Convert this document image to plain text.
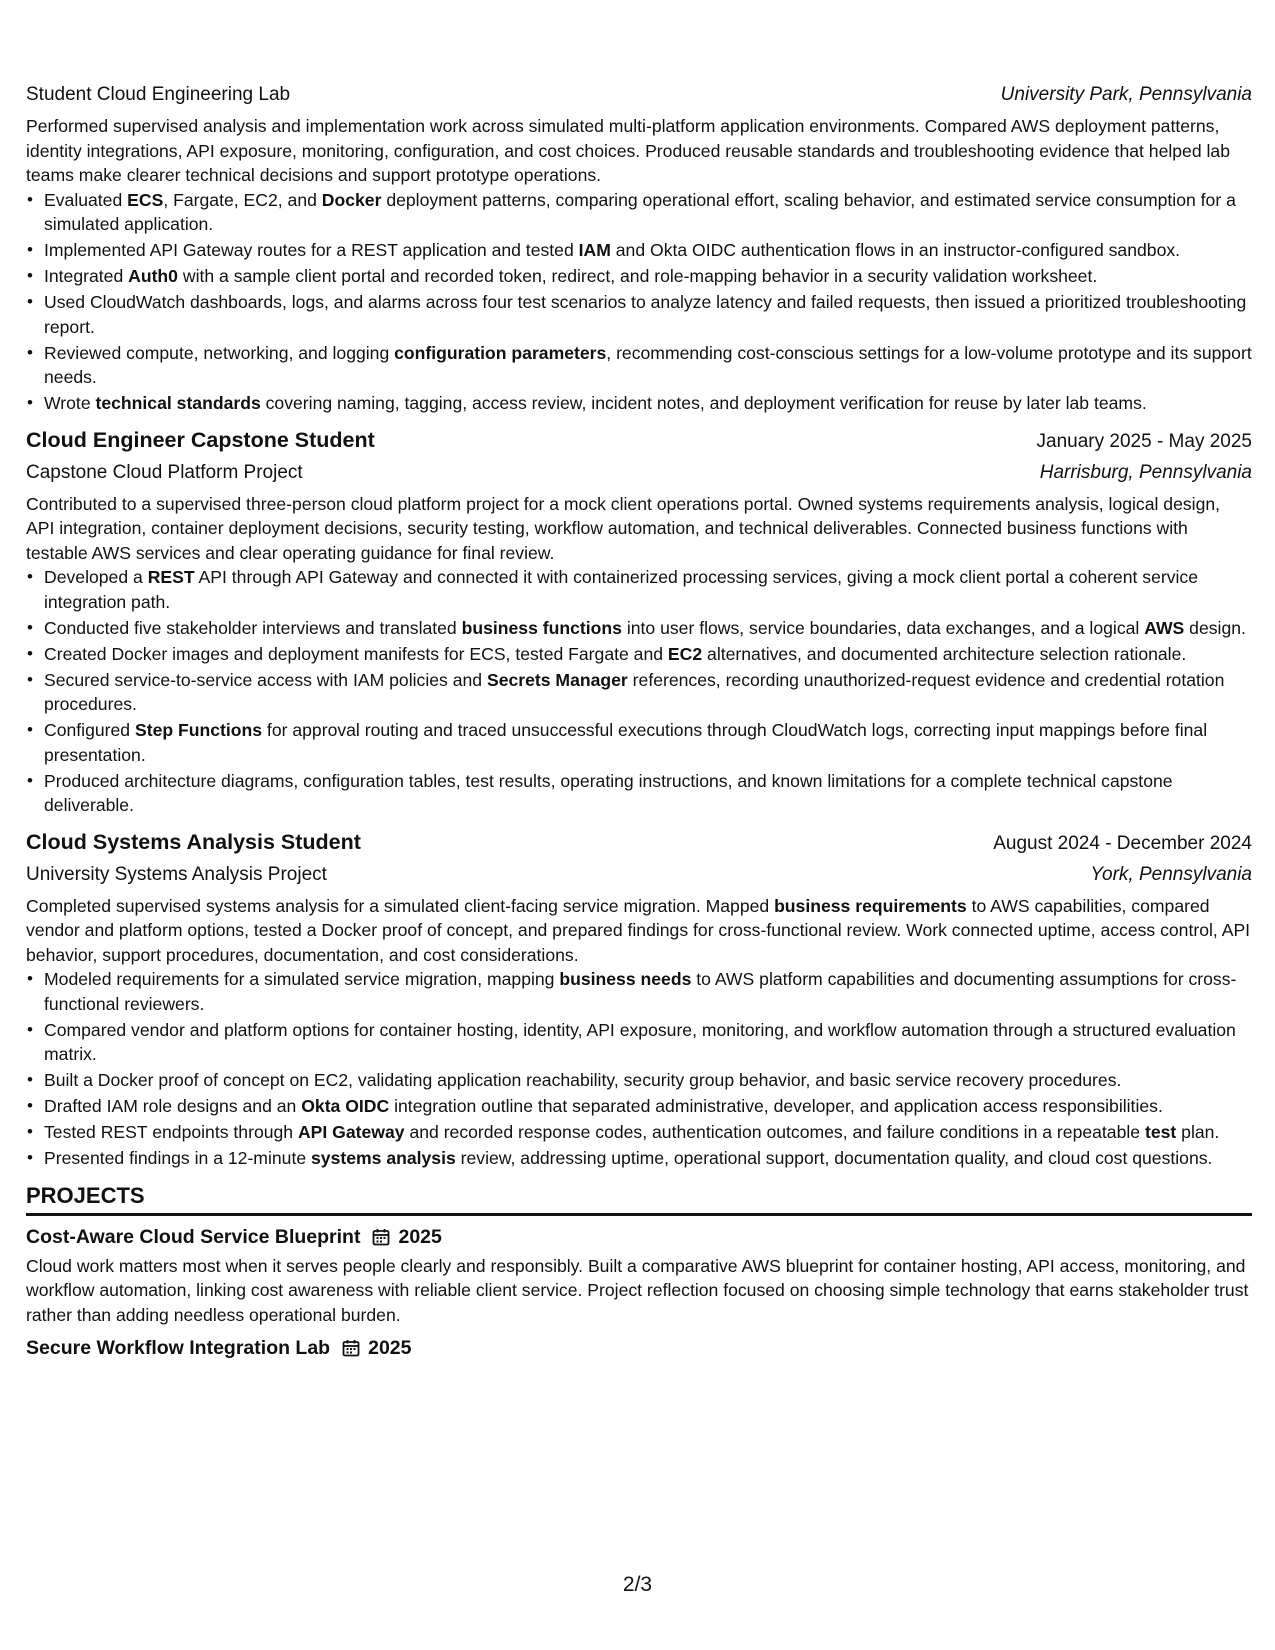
Student Cloud Engineering Lab	University Park, Pennsylvania

Performed supervised analysis and implementation work across simulated multi-platform application environments. Compared AWS deployment patterns, identity integrations, API exposure, monitoring, configuration, and cost choices. Produced reusable standards and troubleshooting evidence that helped lab teams make clearer technical decisions and support prototype operations.

• Evaluated ECS, Fargate, EC2, and Docker deployment patterns, comparing operational effort, scaling behavior, and estimated service consumption for a simulated application.
• Implemented API Gateway routes for a REST application and tested IAM and Okta OIDC authentication flows in an instructor-configured sandbox.
• Integrated Auth0 with a sample client portal and recorded token, redirect, and role-mapping behavior in a security validation worksheet.
• Used CloudWatch dashboards, logs, and alarms across four test scenarios to analyze latency and failed requests, then issued a prioritized troubleshooting report.
• Reviewed compute, networking, and logging configuration parameters, recommending cost-conscious settings for a low-volume prototype and its support needs.
• Wrote technical standards covering naming, tagging, access review, incident notes, and deployment verification for reuse by later lab teams.
Cloud Engineer Capstone Student	January 2025 - May 2025
Capstone Cloud Platform Project	Harrisburg, Pennsylvania

Contributed to a supervised three-person cloud platform project for a mock client operations portal. Owned systems requirements analysis, logical design, API integration, container deployment decisions, security testing, workflow automation, and technical deliverables. Connected business functions with testable AWS services and clear operating guidance for final review.

• Developed a REST API through API Gateway and connected it with containerized processing services, giving a mock client portal a coherent service integration path.
• Conducted five stakeholder interviews and translated business functions into user flows, service boundaries, data exchanges, and a logical AWS design.
• Created Docker images and deployment manifests for ECS, tested Fargate and EC2 alternatives, and documented architecture selection rationale.
• Secured service-to-service access with IAM policies and Secrets Manager references, recording unauthorized-request evidence and credential rotation procedures.
• Configured Step Functions for approval routing and traced unsuccessful executions through CloudWatch logs, correcting input mappings before final presentation.
• Produced architecture diagrams, configuration tables, test results, operating instructions, and known limitations for a complete technical capstone deliverable.
Cloud Systems Analysis Student	August 2024 - December 2024
University Systems Analysis Project	York, Pennsylvania

Completed supervised systems analysis for a simulated client-facing service migration. Mapped business requirements to AWS capabilities, compared vendor and platform options, tested a Docker proof of concept, and prepared findings for cross-functional review. Work connected uptime, access control, API behavior, support procedures, documentation, and cost considerations.

• Modeled requirements for a simulated service migration, mapping business needs to AWS platform capabilities and documenting assumptions for cross-functional reviewers.
• Compared vendor and platform options for container hosting, identity, API exposure, monitoring, and workflow automation through a structured evaluation matrix.
• Built a Docker proof of concept on EC2, validating application reachability, security group behavior, and basic service recovery procedures.
• Drafted IAM role designs and an Okta OIDC integration outline that separated administrative, developer, and application access responsibilities.
• Tested REST endpoints through API Gateway and recorded response codes, authentication outcomes, and failure conditions in a repeatable test plan.
• Presented findings in a 12-minute systems analysis review, addressing uptime, operational support, documentation quality, and cloud cost questions.
PROJECTS
Cost-Aware Cloud Service Blueprint 2025

Cloud work matters most when it serves people clearly and responsibly. Built a comparative AWS blueprint for container hosting, API access, monitoring, and workflow automation, linking cost awareness with reliable client service. Project reflection focused on choosing simple technology that earns stakeholder trust rather than adding needless operational burden.

Secure Workflow Integration Lab 2025
2/3
